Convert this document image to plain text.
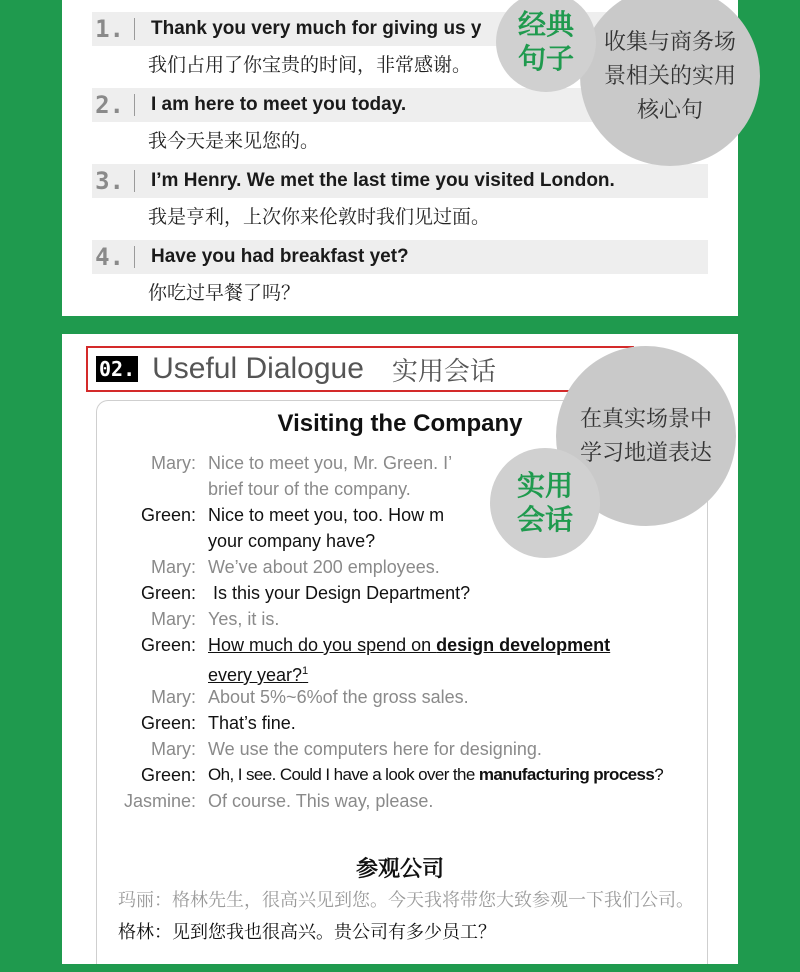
1. Thank you very much for giving us y
我们占用了你宝贵的时间，非常感谢。
2. I am here to meet you today.
我今天是来见您的。
3. I’m Henry. We met the last time you visited London.
我是亨利，上次你来伦敦时我们见过面。
4. Have you had breakfast yet?
你吃过早餐了吗？
收集与商务场
景相关的实用
核心句
经典
句子
02. Useful Dialogue 实用会话
Visiting the Company
Mary: Nice to meet you, Mr. Green. I’
brief tour of the company.
Green: Nice to meet you, too. How m
your company have?
Mary: We’ve about 200 employees.
Green: Is this your Design Department?
Mary: Yes, it is.
Green: How much do you spend on design development
every year?$^1$
Mary: About 5%~6%of the gross sales.
Green: That’s fine.
Mary: We use the computers here for designing.
Green: Oh, I see. Could I have a look over the manufacturing process?
Jasmine: Of course. This way, please.
参观公司
玛丽：格林先生，很高兴见到您。今天我将带您大致参观一下我们公司。
格林：见到您我也很高兴。贵公司有多少员工？
在真实场景中
学习地道表达
实用
会话
